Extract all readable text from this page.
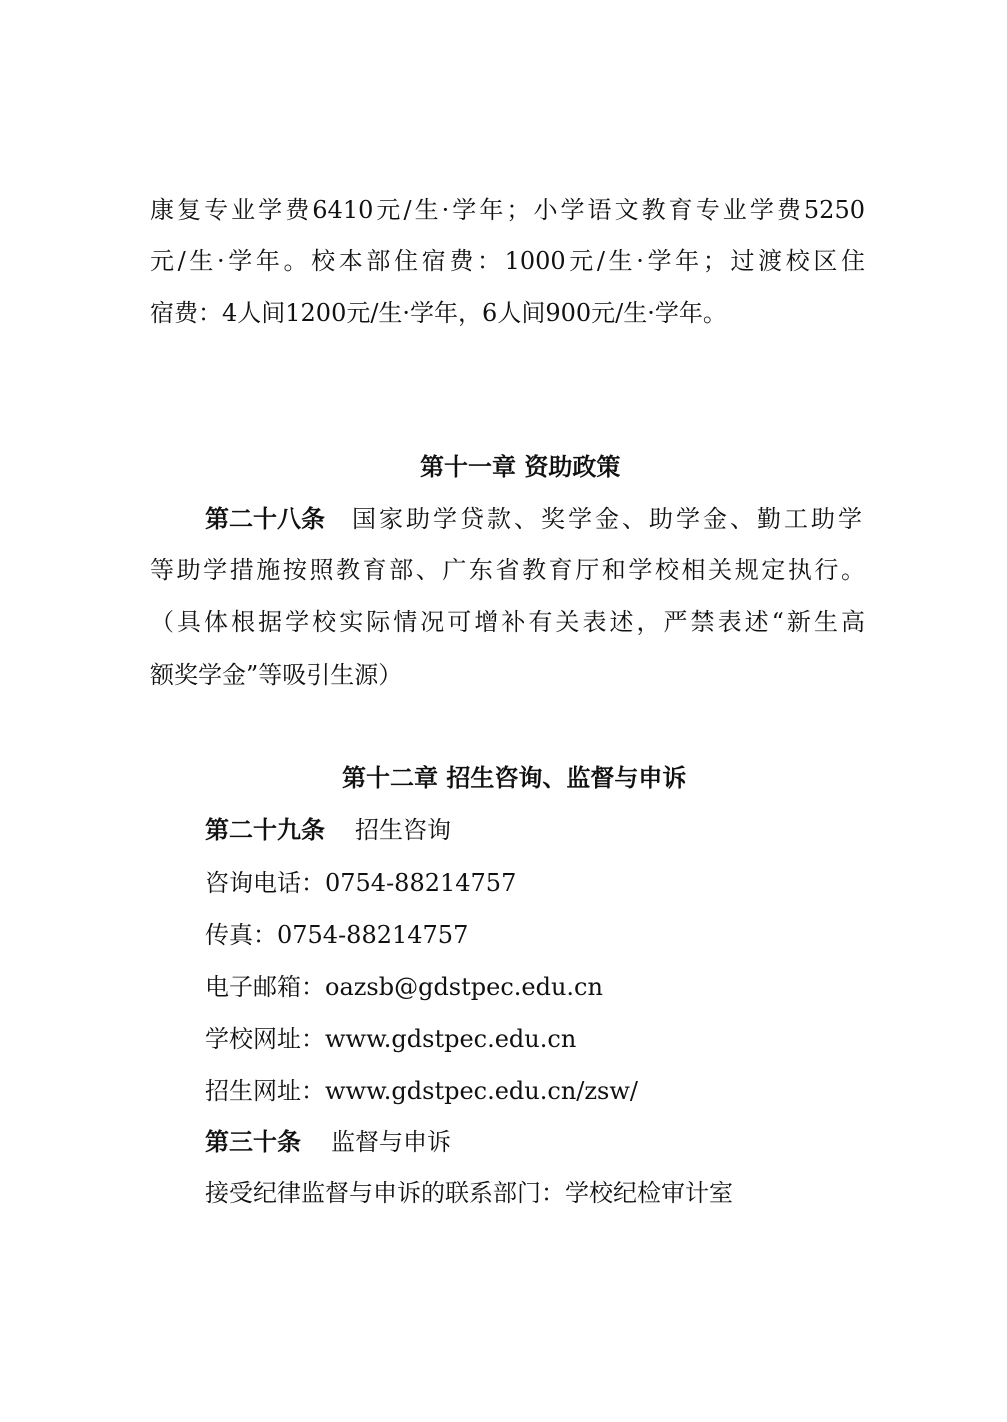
康复专业学费6410元/生·学年；小学语文教育专业学费5250
元/生·学年。校本部住宿费：1000元/生·学年；过渡校区住
宿费：4人间1200元/生·学年，6人间900元/生·学年。
第十一章 资助政策
第二十八条 国家助学贷款、奖学金、助学金、勤工助学
等助学措施按照教育部、广东省教育厅和学校相关规定执行。
（具体根据学校实际情况可增补有关表述，严禁表述“新生高
额奖学金”等吸引生源）
第十二章 招生咨询、监督与申诉
第二十九条 招生咨询
咨询电话：0754-88214757
传真：0754-88214757
电子邮箱：oazsb@gdstpec.edu.cn
学校网址：www.gdstpec.edu.cn
招生网址：www.gdstpec.edu.cn/zsw/
第三十条 监督与申诉
接受纪律监督与申诉的联系部门：学校纪检审计室
